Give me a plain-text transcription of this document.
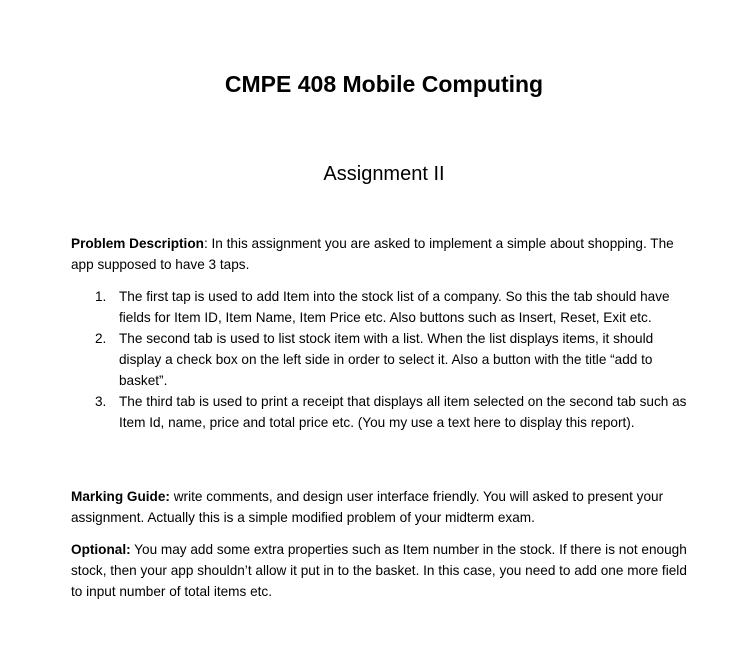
CMPE 408 Mobile Computing
Assignment II

Problem Description: In this assignment you are asked to implement a simple about shopping. The app supposed to have 3 taps.

1. The first tap is used to add Item into the stock list of a company. So this the tab should have fields for Item ID, Item Name, Item Price etc. Also buttons such as Insert, Reset, Exit etc.
2. The second tab is used to list stock item with a list. When the list displays items, it should display a check box on the left side in order to select it. Also a button with the title “add to basket”.
3. The third tab is used to print a receipt that displays all item selected on the second tab such as Item Id, name, price and total price etc. (You my use a text here to display this report).

Marking Guide: write comments, and design user interface friendly. You will asked to present your assignment. Actually this is a simple modified problem of your midterm exam.

Optional: You may add some extra properties such as Item number in the stock. If there is not enough stock, then your app shouldn’t allow it put in to the basket. In this case, you need to add one more field to input number of total items etc.
